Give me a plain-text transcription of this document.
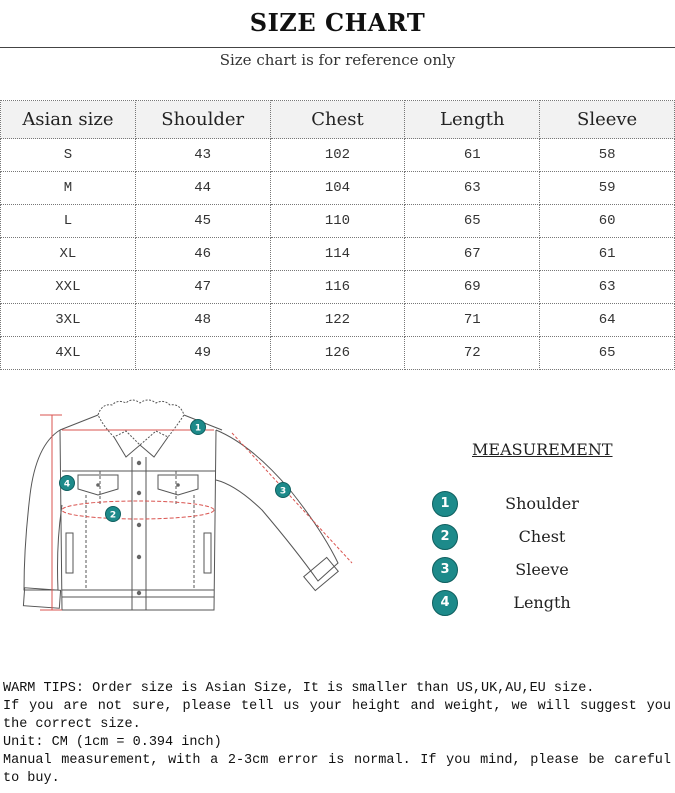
SIZE CHART
Size chart is for reference only
Asian size	Shoulder	Chest	Length	Sleeve
S	43	102	61	58
M	44	104	63	59
L	45	110	65	60
XL	46	114	67	61
XXL	47	116	69	63
3XL	48	122	71	64
4XL	49	126	72	65
1
2
3
4
MEASUREMENT
1	Shoulder
2	Chest
3	Sleeve
4	Length

WARM TIPS: Order size is Asian Size, It is smaller than US,UK,AU,EU size.

If you are not sure, please tell us your height and weight, we will suggest you the correct size.

Unit: CM (1cm = 0.394 inch)

Manual measurement, with a 2-3cm error is normal. If you mind, please be careful to buy.
